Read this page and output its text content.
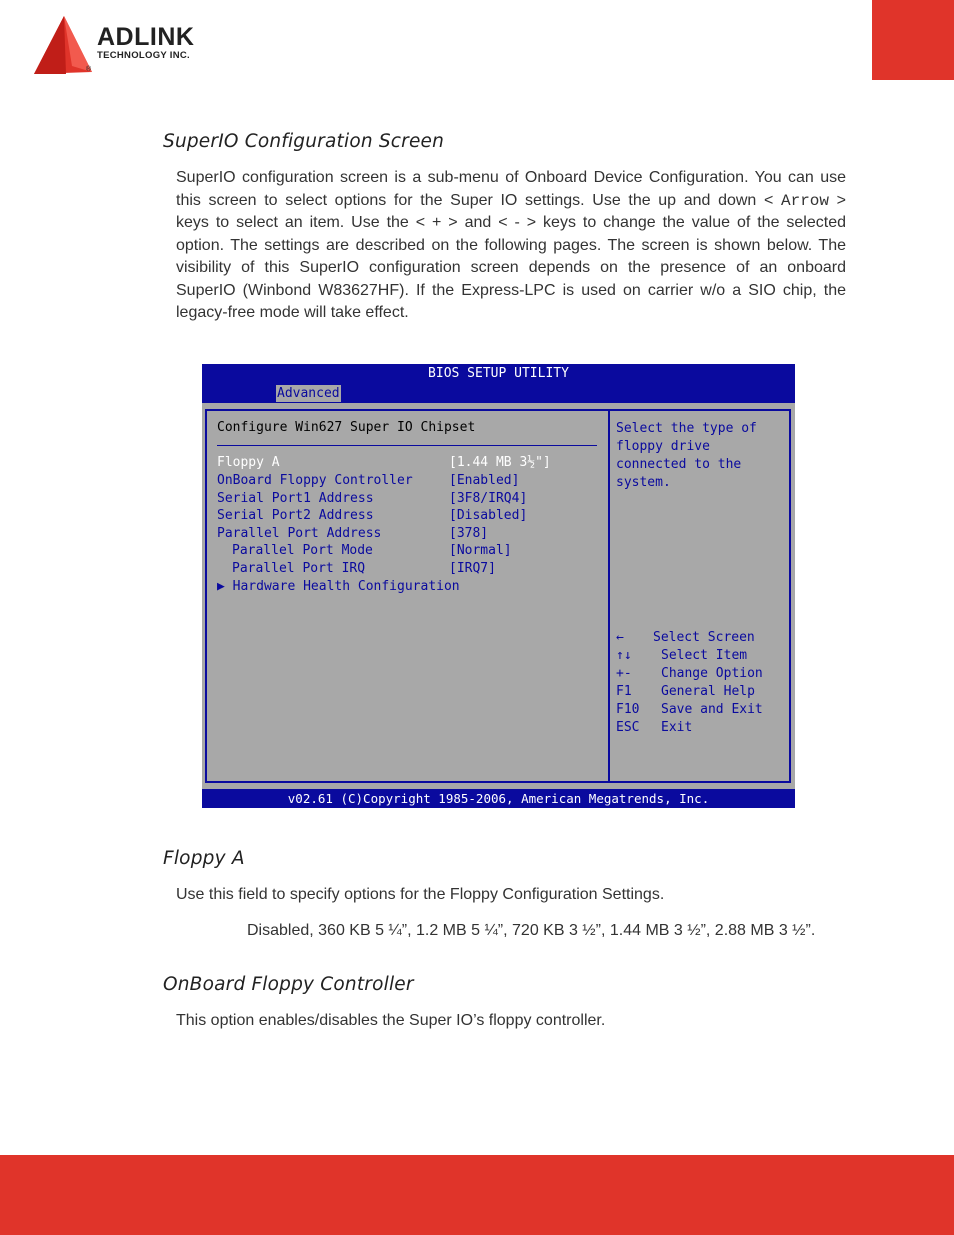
ADLINK
TECHNOLOGY INC.
®
SuperIO Configuration Screen
SuperIO configuration screen is a sub-menu of Onboard Device Configuration. You can use
this screen to select options for the Super IO settings. Use the up and down < Arrow >
keys to select an item. Use the < + > and < - > keys to change the value of the selected
option. The settings are described on the following pages. The screen is shown below. The
visibility of this SuperIO configuration screen depends on the presence of an onboard
SuperIO (Winbond W83627HF). If the Express-LPC is used on carrier w/o a SIO chip, the
legacy-free mode will take effect.
BIOS SETUP UTILITY
Advanced
Configure Win627 Super IO Chipset
Floppy A	[1.44 MB 3½"]
OnBoard Floppy Controller	[Enabled]
Serial Port1 Address	[3F8/IRQ4]
Serial Port2 Address	[Disabled]
Parallel Port Address	[378]
Parallel Port Mode	[Normal]
Parallel Port IRQ	[IRQ7]
▶ Hardware Health Configuration
Select the type of
floppy drive
connected to the
system.
← Select Screen
↑↓ Select Item
+- Change Option
F1 General Help
F10 Save and Exit
ESC Exit
v02.61 (C)Copyright 1985-2006, American Megatrends, Inc.
Floppy A
Use this field to specify options for the Floppy Configuration Settings.
Disabled, 360 KB 5 ¼”, 1.2 MB 5 ¼”, 720 KB 3 ½”, 1.44 MB 3 ½”, 2.88 MB 3 ½”.
OnBoard Floppy Controller
This option enables/disables the Super IO’s floppy controller.
